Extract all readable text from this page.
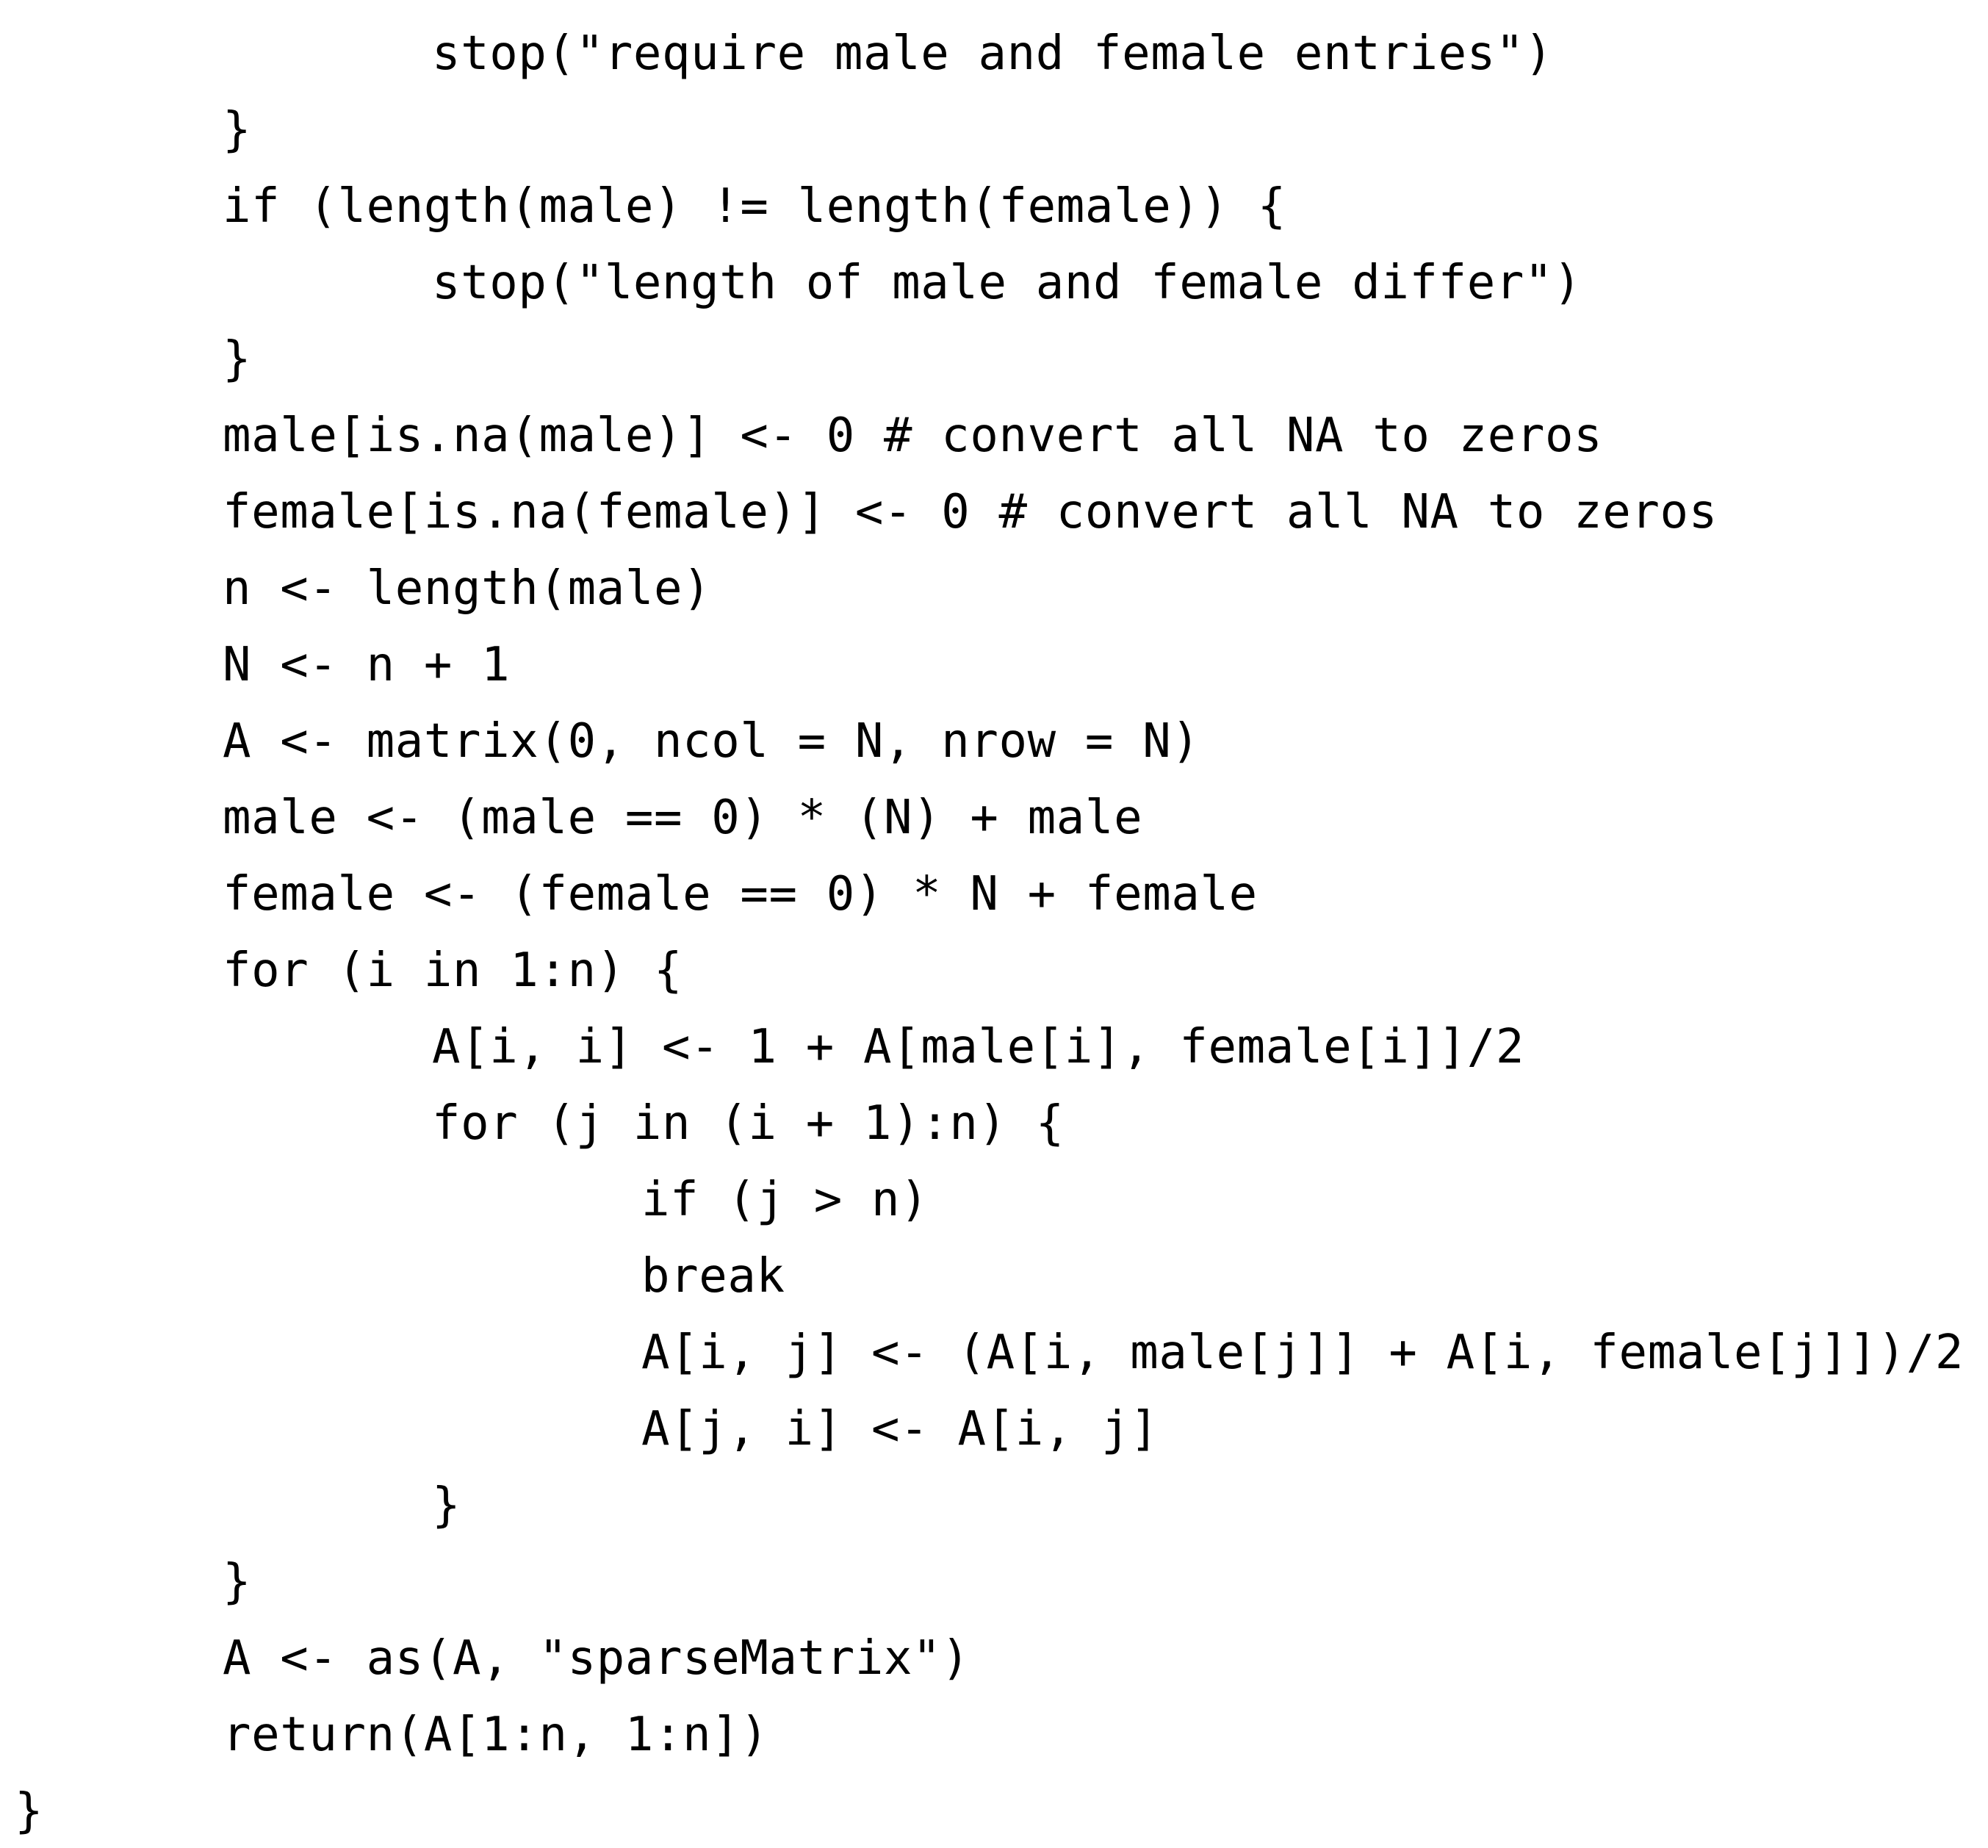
stop("require male and female entries")
}
if (length(male) != length(female)) {
stop("length of male and female differ")
}
male[is.na(male)] <- 0 # convert all NA to zeros
female[is.na(female)] <- 0 # convert all NA to zeros
n <- length(male)
N <- n + 1
A <- matrix(0, ncol = N, nrow = N)
male <- (male == 0) * (N) + male
female <- (female == 0) * N + female
for (i in 1:n) {
A[i, i] <- 1 + A[male[i], female[i]]/2
for (j in (i + 1):n) {
if (j > n)
break
A[i, j] <- (A[i, male[j]] + A[i, female[j]])/2
A[j, i] <- A[i, j]
}
}
A <- as(A, "sparseMatrix")
return(A[1:n, 1:n])
}
